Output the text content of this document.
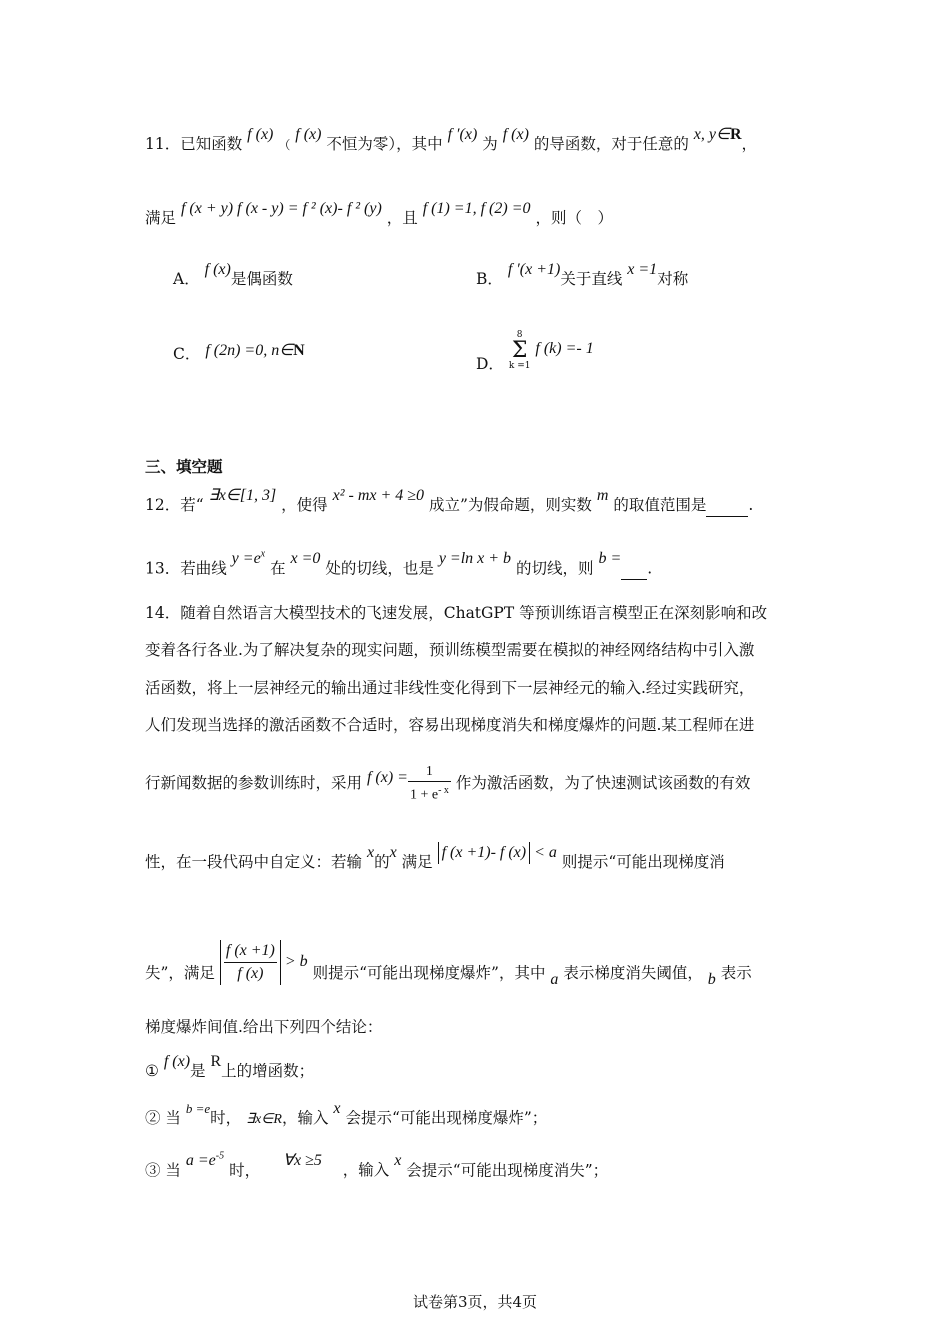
11．已知函数 f (x) （ f (x) 不恒为零），其中 f ′(x) 为 f (x) 的导函数，对于任意的 x, y∈R，
满足 f (x + y) f (x - y) = f ² (x)- f ² (y) ，且 f (1) =1, f (2) =0 ，则（　）
A． f (x)是偶函数	B． f ′(x +1)关于直线 x =1对称
C． f (2n) =0, n∈N
D．
8
Σ
k =1
f (k) =- 1
三、填空题
12．若“ ∃x∈[1, 3] ，使得 x² - mx + 4 ≥0 成立”为假命题，则实数 m 的取值范围是	.
13．若曲线 $y =e^x$ 在 x =0 处的切线，也是 y =ln x + b 的切线，则 b = .
14．随着自然语言大模型技术的飞速发展，ChatGPT 等预训练语言模型正在深刻影响和改
变着各行各业.为了解决复杂的现实问题，预训练模型需要在模拟的神经网络结构中引入激
活函数，将上一层神经元的输出通过非线性变化得到下一层神经元的输入.经过实践研究，
人们发现当选择的激活函数不合适时，容易出现梯度消失和梯度爆炸的问题.某工程师在进
行新闻数据的参数训练时，采用 f $(x) = \frac{1}{1 + e^{- x}}$ 作为激活函数，为了快速测试该函数的有效
性，在一段代码中自定义：若输 x的x 满足 f (x +1)- f (x) < a 则提示“可能出现梯度消
失”，满足 $\frac{f (x +1)}{f (x)} > b$ 则提示“可能出现梯度爆炸”，其中 a 表示梯度消失阈值， b 表示
梯度爆炸间值.给出下列四个结论：
① f (x)是 R上的增函数；
② 当 $^{b =e}$时， ∃x∈R，输入 x 会提示“可能出现梯度爆炸”；
③ 当 $a =e^{-5}$ 时， ∀x ≥5 ，输入 x 会提示“可能出现梯度消失”；
试卷第3页，共4页
